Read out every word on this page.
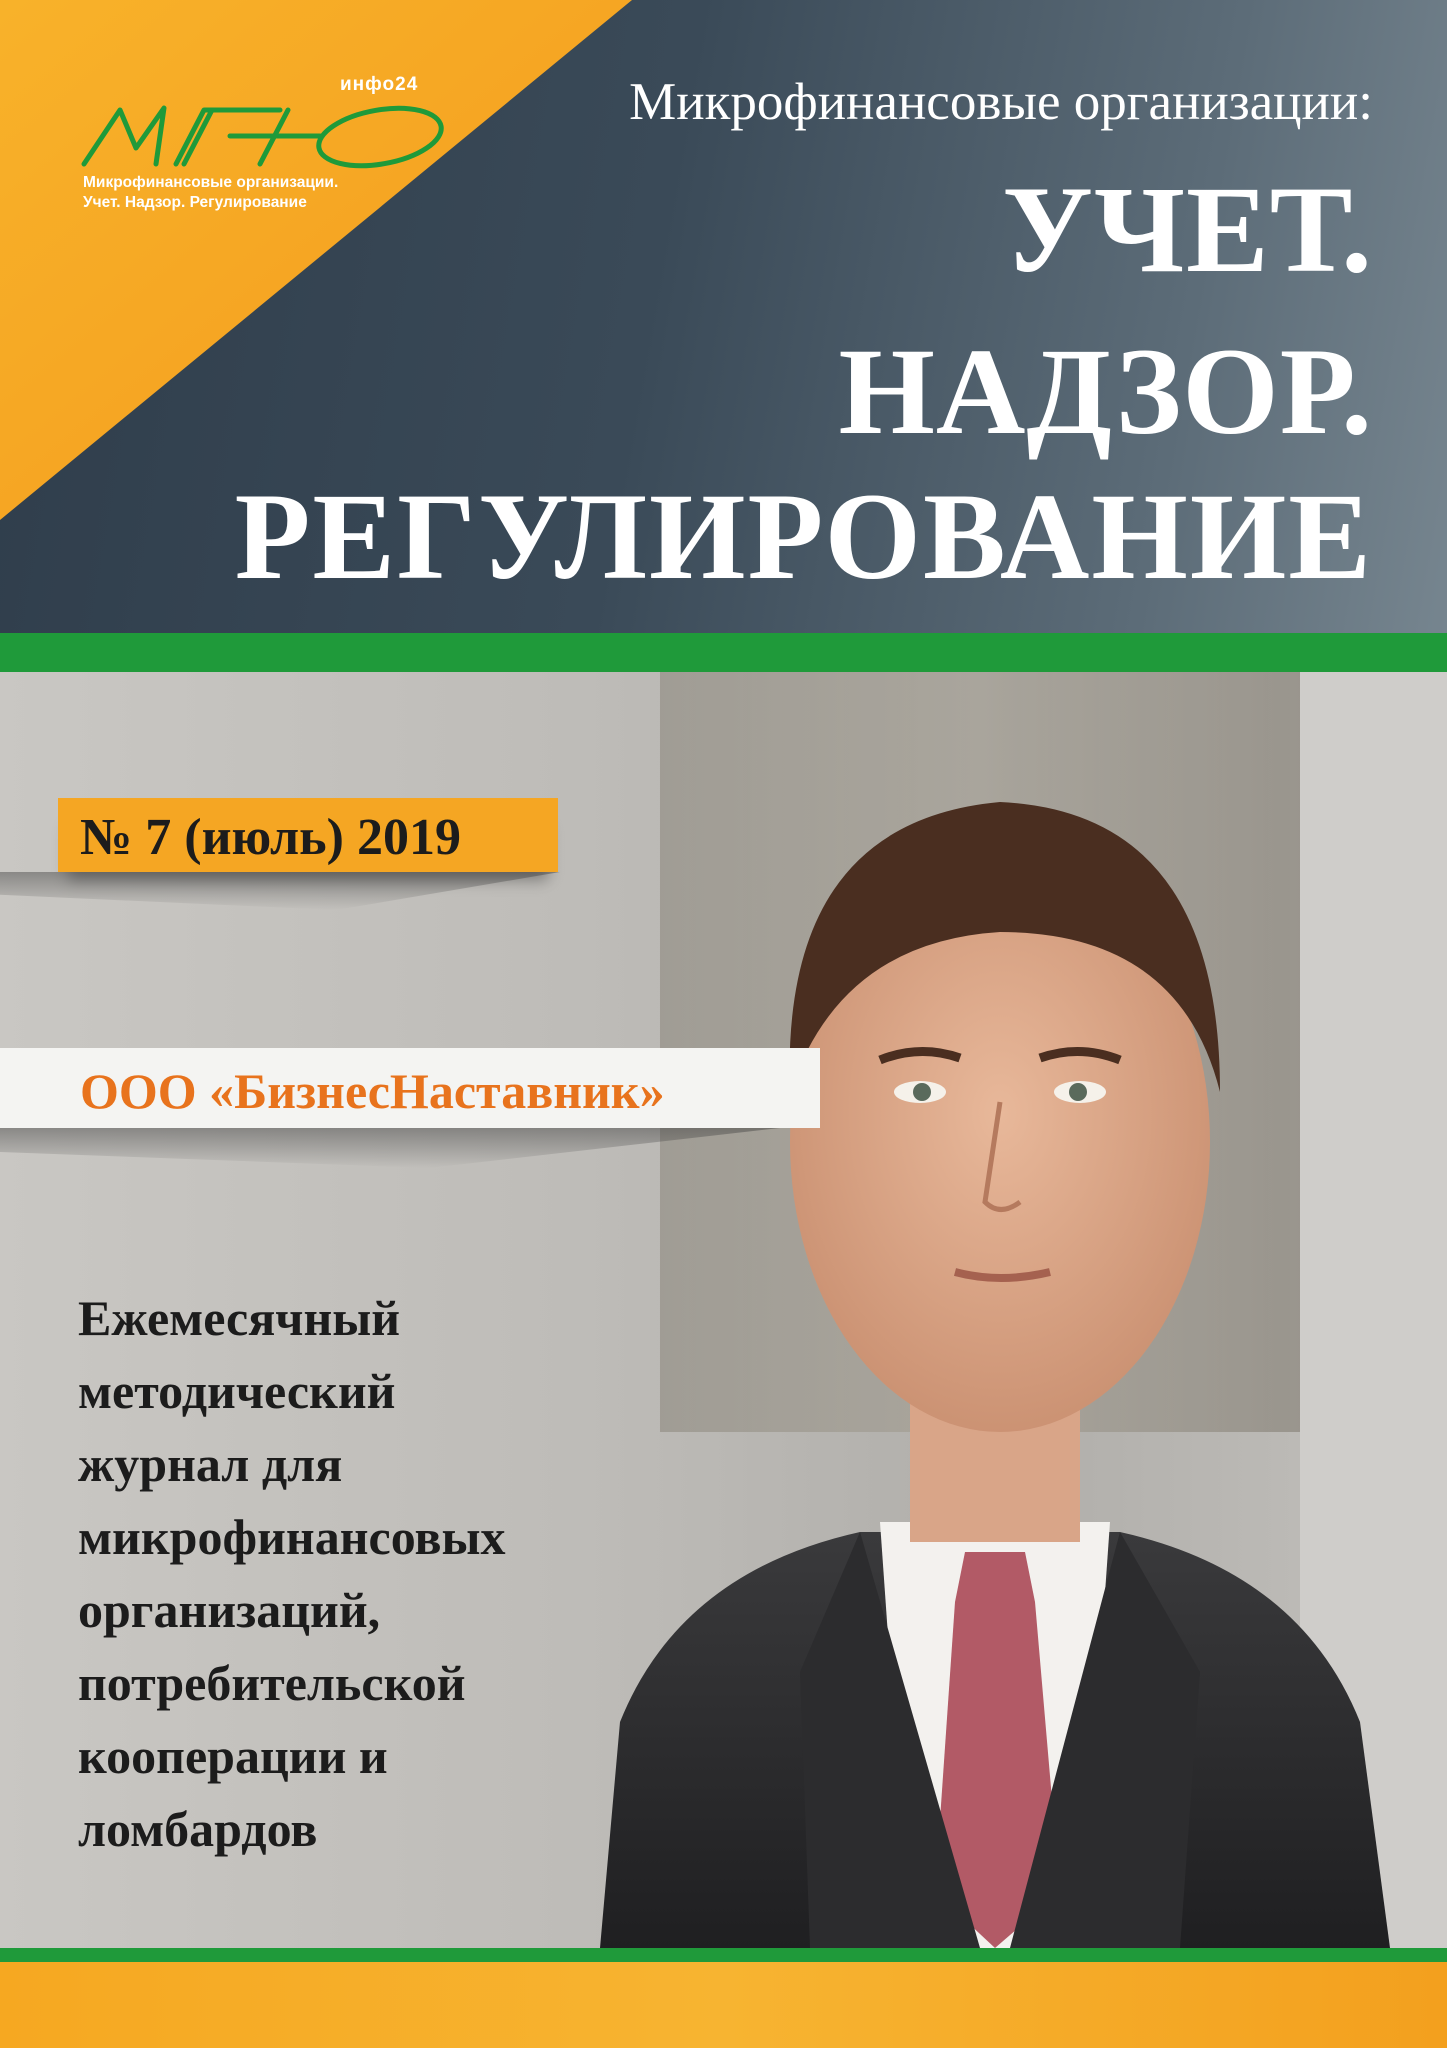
инфо24
Микрофинансовые организации.
Учет. Надзор. Регулирование
Микрофинансовые организации:
УЧЕТ.
НАДЗОР.
РЕГУЛИРОВАНИЕ
№ 7 (июль) 2019
ООО «БизнесНаставник»
Ежемесячный
методический
журнал для
микрофинансовых
организаций,
потребительской
кооперации и
ломбардов
